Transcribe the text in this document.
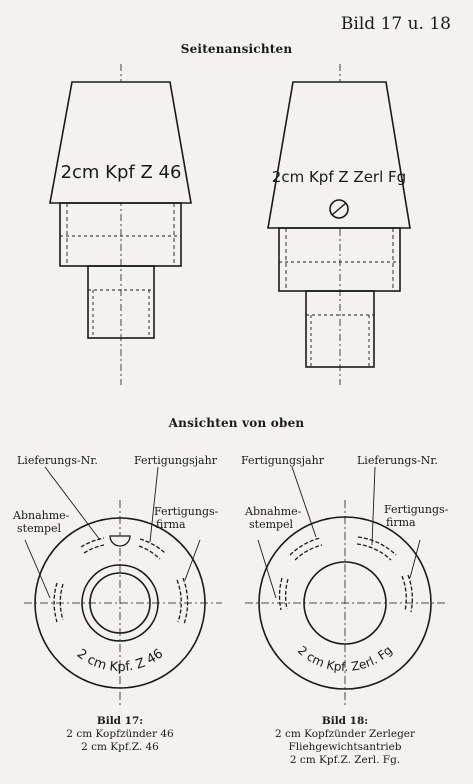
Bild 17 u. 18
Seitenansichten
Ansichten von oben
2cm Kpf Z 46	2cm Kpf Z Zerl Fg
2 cm Kpf. Z 46	2 cm Kpf. Zerl. Fg
Lieferungs-Nr.	Fertigungsjahr
Abnahme-
stempel
Fertigungs-
firma
Fertigungsjahr	Lieferungs-Nr.
Abnahme-
stempel
Fertigungs-
firma
Bild 17:
2 cm Kopfzünder 46
2 cm Kpf.Z. 46
Bild 18:
2 cm Kopfzünder Zerleger
Fliehgewichtsantrieb
2 cm Kpf.Z. Zerl. Fg.
